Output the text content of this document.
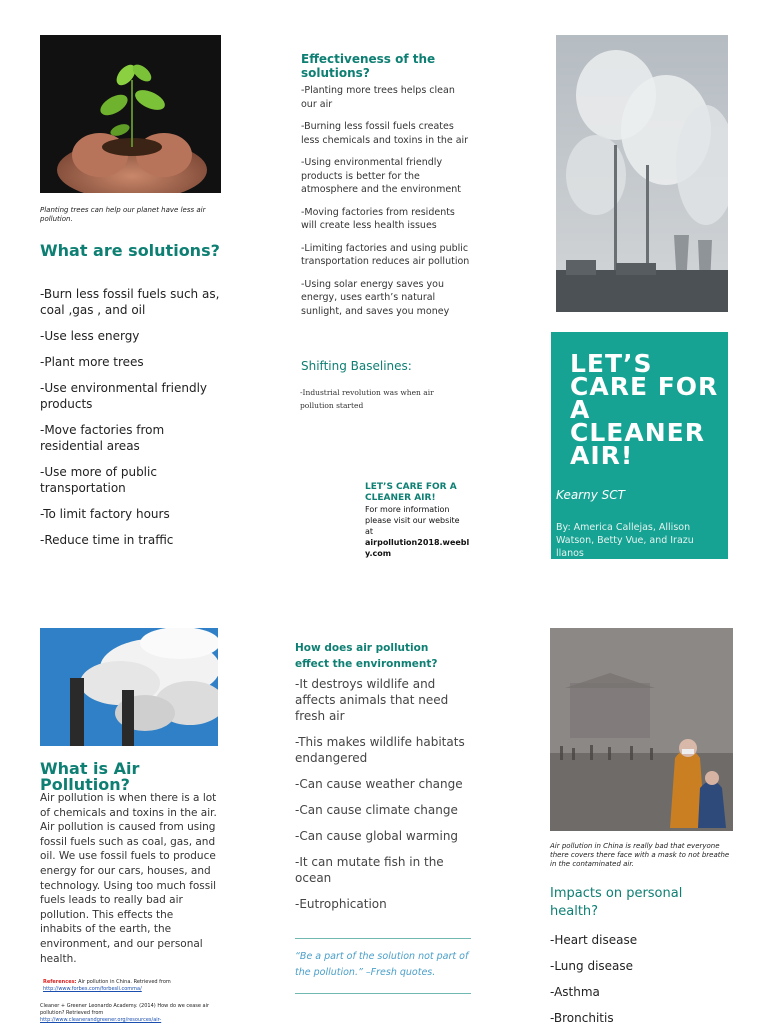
Planting trees can help our planet have less air pollution.
What are solutions?
-Burn less fossil fuels such as, coal ,gas , and oil
-Use less energy
-Plant more trees
-Use environmental friendly products
-Move factories from residential areas
-Use more of public transportation
-To limit factory hours
-Reduce time in traffic
Effectiveness of the solutions?
-Planting more trees helps clean our air
-Burning less fossil fuels creates less chemicals and toxins in the air
-Using environmental friendly products is better for the atmosphere and the environment
-Moving factories from residents will create less health issues
-Limiting factories and using public transportation reduces air pollution
-Using solar energy saves you energy, uses earth’s natural sunlight, and saves you money
Shifting Baselines:
-Industrial revolution was when air pollution started
LET’S CARE FOR A CLEANER AIR!
For more information please visit our website at
airpollution2018.weebly.com
LET’S CARE FOR A CLEANER AIR!
Kearny SCT
By: America Callejas, Allison Watson, Betty Vue, and Irazu llanos
What is Air Pollution?
Air pollution is when there is a lot of chemicals and toxins in the air. Air pollution is caused from using fossil fuels such as coal, gas, and oil. We use fossil fuels to produce energy for our cars, houses, and technology. Using too much fossil fuels leads to really bad air pollution. This effects the inhabits of the earth, the environment, and our personal health.
References: Air pollution in China. Retrieved from http://www.forbes.com/forbesli.comma/
Cleaner + Greener Leonardo Academy. (2014) How do we cease air pollution? Retrieved from http://www.cleanerandgreener.org/resources/air-
How does air pollution effect the environment?
-It destroys wildlife and affects animals that need fresh air
-This makes wildlife habitats endangered
-Can cause weather change
-Can cause climate change
-Can cause global warming
-It can mutate fish in the ocean
-Eutrophication
“Be a part of the solution not part of the pollution.” –Fresh quotes.
Air pollution in China is really bad that everyone there covers there face with a mask to not breathe in the contaminated air.
Impacts on personal health?
-Heart disease
-Lung disease
-Asthma
-Bronchitis
